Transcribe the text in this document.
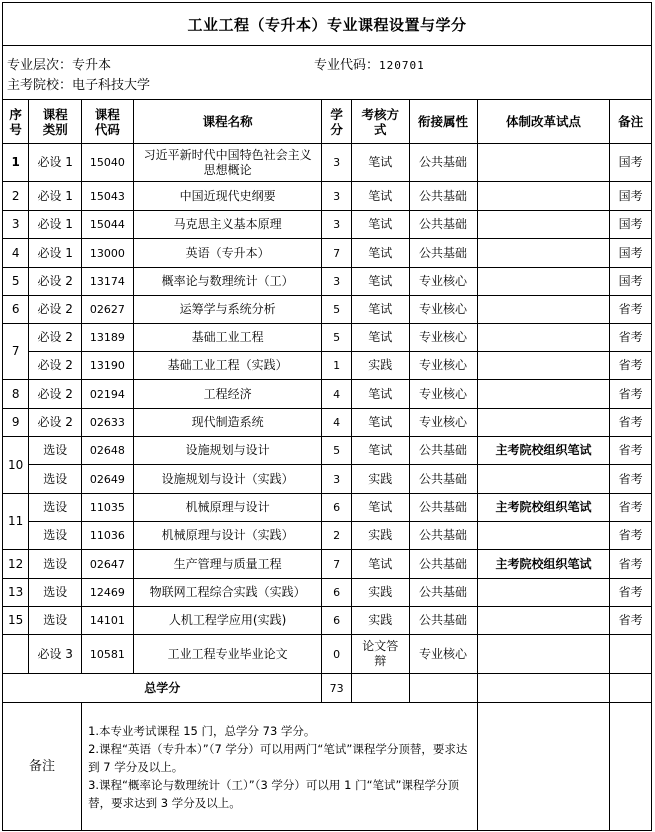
工业工程（专升本）专业课程设置与学分
专业层次：专升本	专业代码：120701
主考院校：电子科技大学
序号	课程类别	课程代码	课程名称	学分	考核方式	衔接属性	体制改革试点	备注
1	必设 1	15040	习近平新时代中国特色社会主义思想概论	3	笔试	公共基础		国考
2	必设 1	15043	中国近现代史纲要	3	笔试	公共基础		国考
3	必设 1	15044	马克思主义基本原理	3	笔试	公共基础		国考
4	必设 1	13000	英语（专升本）	7	笔试	公共基础		国考
5	必设 2	13174	概率论与数理统计（工）	3	笔试	专业核心		国考
6	必设 2	02627	运筹学与系统分析	5	笔试	专业核心		省考
7	必设 2	13189	基础工业工程	5	笔试	专业核心		省考
	必设 2	13190	基础工业工程（实践）	1	实践	专业核心		省考
8	必设 2	02194	工程经济	4	笔试	专业核心		省考
9	必设 2	02633	现代制造系统	4	笔试	专业核心		省考
10	选设	02648	设施规划与设计	5	笔试	公共基础	主考院校组织笔试	省考
	选设	02649	设施规划与设计（实践）	3	实践	公共基础		省考
11	选设	11035	机械原理与设计	6	笔试	公共基础	主考院校组织笔试	省考
	选设	11036	机械原理与设计（实践）	2	实践	公共基础		省考
12	选设	02647	生产管理与质量工程	7	笔试	公共基础	主考院校组织笔试	省考
13	选设	12469	物联网工程综合实践（实践）	6	实践	公共基础		省考
15	选设	14101	人机工程学应用(实践)	6	实践	公共基础		省考
	必设 3	10581	工业工程专业毕业论文	0	论文答辩	专业核心		
总学分				73				
备注		1.本专业考试课程 15 门，总学分 73 学分。
2.课程“英语（专升本）”（7 学分）可以用两门“笔试”课程学分顶替，要求达到 7 学分及以上。
3.课程“概率论与数理统计（工）”（3 学分）可以用 1 门“笔试”课程学分顶替，要求达到 3 学分及以上。						
